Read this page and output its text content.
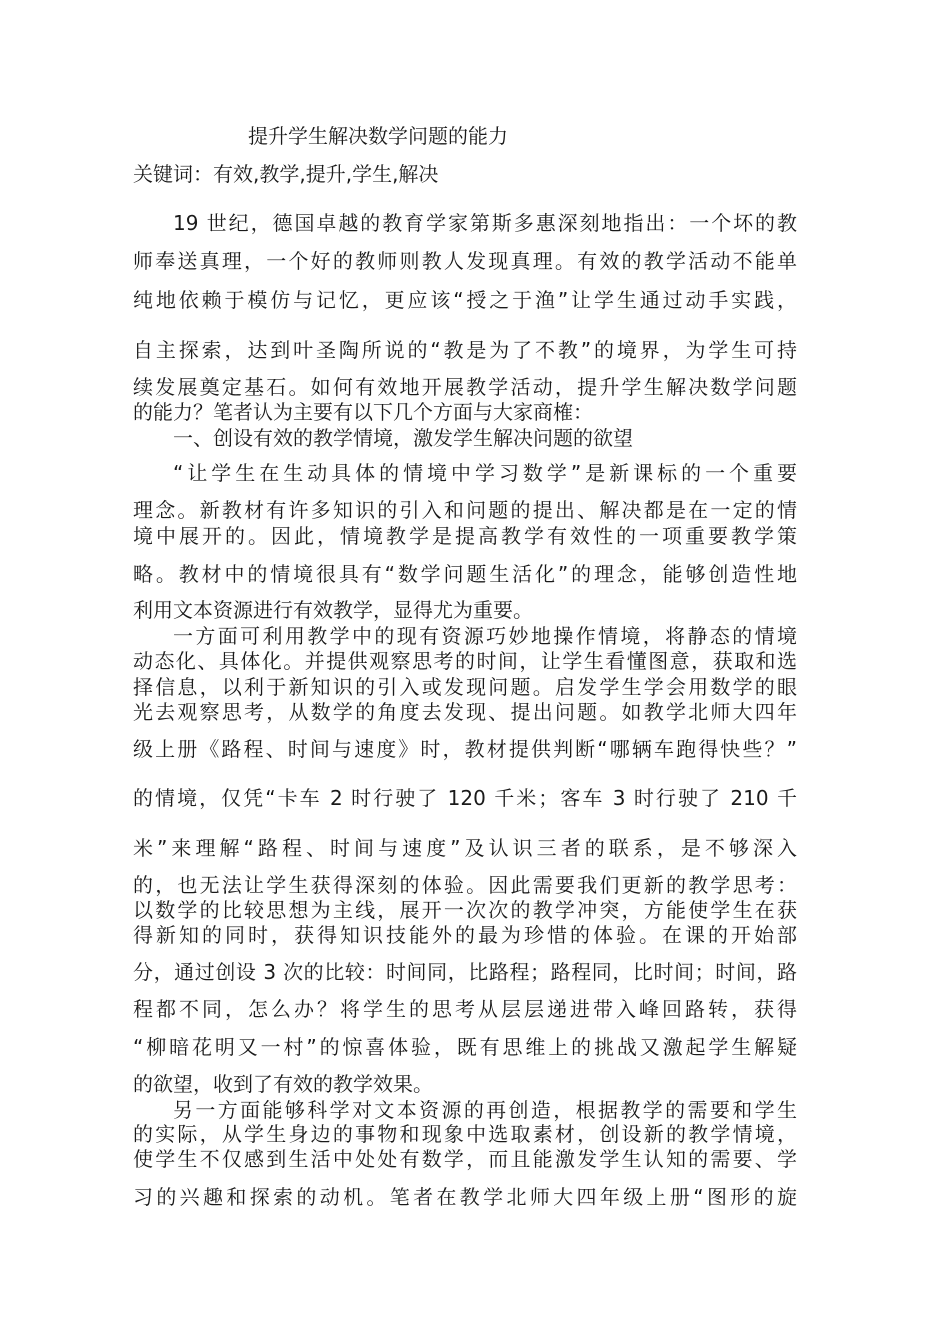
提升学生解决数学问题的能力
关键词：有效,教学,提升,学生,解决
19 世纪，德国卓越的教育学家第斯多惠深刻地指出：一个坏的教
师奉送真理，一个好的教师则教人发现真理。有效的教学活动不能单
纯地依赖于模仿与记忆，更应该“授之于渔”让学生通过动手实践，
自主探索，达到叶圣陶所说的“教是为了不教”的境界，为学生可持
续发展奠定基石。如何有效地开展教学活动，提升学生解决数学问题
的能力？笔者认为主要有以下几个方面与大家商榷：
一、创设有效的教学情境，激发学生解决问题的欲望
“让学生在生动具体的情境中学习数学”是新课标的一个重要
理念。新教材有许多知识的引入和问题的提出、解决都是在一定的情
境中展开的。因此，情境教学是提高教学有效性的一项重要教学策
略。教材中的情境很具有“数学问题生活化”的理念，能够创造性地
利用文本资源进行有效教学，显得尤为重要。
一方面可利用教学中的现有资源巧妙地操作情境，将静态的情境
动态化、具体化。并提供观察思考的时间，让学生看懂图意，获取和选
择信息，以利于新知识的引入或发现问题。启发学生学会用数学的眼
光去观察思考，从数学的角度去发现、提出问题。如教学北师大四年
级上册《路程、时间与速度》时，教材提供判断“哪辆车跑得快些？”
的情境，仅凭“卡车 2 时行驶了 120 千米；客车 3 时行驶了 210 千
米”来理解“路程、时间与速度”及认识三者的联系，是不够深入
的，也无法让学生获得深刻的体验。因此需要我们更新的教学思考：
以数学的比较思想为主线，展开一次次的教学冲突，方能使学生在获
得新知的同时，获得知识技能外的最为珍惜的体验。在课的开始部
分，通过创设 3 次的比较：时间同，比路程；路程同，比时间；时间，路
程都不同，怎么办？将学生的思考从层层递进带入峰回路转，获得
“柳暗花明又一村”的惊喜体验，既有思维上的挑战又激起学生解疑
的欲望，收到了有效的教学效果。
另一方面能够科学对文本资源的再创造，根据教学的需要和学生
的实际，从学生身边的事物和现象中选取素材，创设新的教学情境，
使学生不仅感到生活中处处有数学，而且能激发学生认知的需要、学
习的兴趣和探索的动机。笔者在教学北师大四年级上册“图形的旋
